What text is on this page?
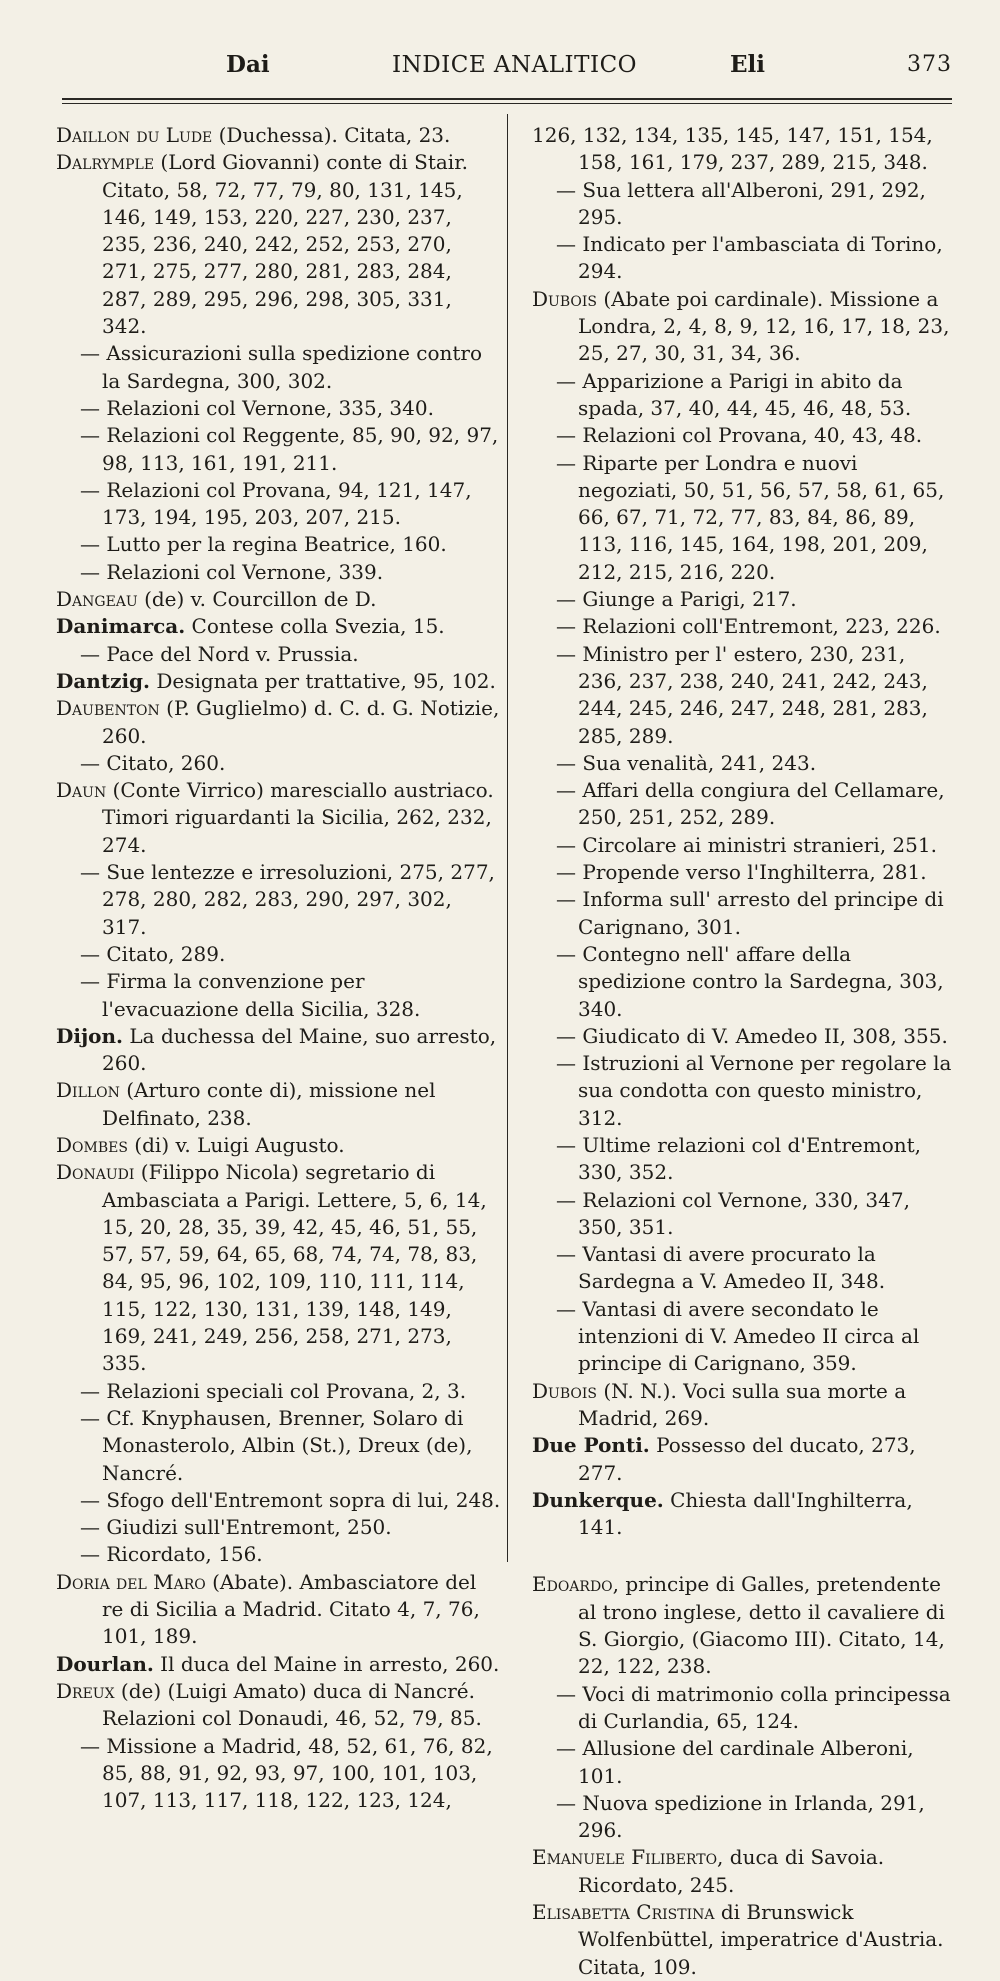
Dai	INDICE ANALITICO	Eli	373

Daillon du Lude (Duchessa). Citata, 23.

Dalrymple (Lord Giovanni) conte di Stair. Citato, 58, 72, 77, 79, 80, 131, 145, 146, 149, 153, 220, 227, 230, 237, 235, 236, 240, 242, 252, 253, 270, 271, 275, 277, 280, 281, 283, 284, 287, 289, 295, 296, 298, 305, 331, 342.

— Assicurazioni sulla spedizione contro la Sardegna, 300, 302.

— Relazioni col Vernone, 335, 340.

— Relazioni col Reggente, 85, 90, 92, 97, 98, 113, 161, 191, 211.

— Relazioni col Provana, 94, 121, 147, 173, 194, 195, 203, 207, 215.

— Lutto per la regina Beatrice, 160.

— Relazioni col Vernone, 339.

Dangeau (de) v. Courcillon de D.

Danimarca. Contese colla Svezia, 15.

— Pace del Nord v. Prussia.

Dantzig. Designata per trattative, 95, 102.

Daubenton (P. Guglielmo) d. C. d. G. Notizie, 260.

— Citato, 260.

Daun (Conte Virrico) maresciallo austriaco. Timori riguardanti la Sicilia, 262, 232, 274.

— Sue lentezze e irresoluzioni, 275, 277, 278, 280, 282, 283, 290, 297, 302, 317.

— Citato, 289.

— Firma la convenzione per l'evacuazione della Sicilia, 328.

Dijon. La duchessa del Maine, suo arresto, 260.

Dillon (Arturo conte di), missione nel Delfinato, 238.

Dombes (di) v. Luigi Augusto.

Donaudi (Filippo Nicola) segretario di Ambasciata a Parigi. Lettere, 5, 6, 14, 15, 20, 28, 35, 39, 42, 45, 46, 51, 55, 57, 57, 59, 64, 65, 68, 74, 74, 78, 83, 84, 95, 96, 102, 109, 110, 111, 114, 115, 122, 130, 131, 139, 148, 149, 169, 241, 249, 256, 258, 271, 273, 335.

— Relazioni speciali col Provana, 2, 3.

— Cf. Knyphausen, Brenner, Solaro di Monasterolo, Albin (St.), Dreux (de), Nancré.

— Sfogo dell'Entremont sopra di lui, 248.

— Giudizi sull'Entremont, 250.

— Ricordato, 156.

Doria del Maro (Abate). Ambasciatore del re di Sicilia a Madrid. Citato 4, 7, 76, 101, 189.

Dourlan. Il duca del Maine in arresto, 260.

Dreux (de) (Luigi Amato) duca di Nancré. Relazioni col Donaudi, 46, 52, 79, 85.

— Missione a Madrid, 48, 52, 61, 76, 82, 85, 88, 91, 92, 93, 97, 100, 101, 103, 107, 113, 117, 118, 122, 123, 124,

126, 132, 134, 135, 145, 147, 151, 154, 158, 161, 179, 237, 289, 215, 348.

— Sua lettera all'Alberoni, 291, 292, 295.

— Indicato per l'ambasciata di Torino, 294.

Dubois (Abate poi cardinale). Missione a Londra, 2, 4, 8, 9, 12, 16, 17, 18, 23, 25, 27, 30, 31, 34, 36.

— Apparizione a Parigi in abito da spada, 37, 40, 44, 45, 46, 48, 53.

— Relazioni col Provana, 40, 43, 48.

— Riparte per Londra e nuovi negoziati, 50, 51, 56, 57, 58, 61, 65, 66, 67, 71, 72, 77, 83, 84, 86, 89, 113, 116, 145, 164, 198, 201, 209, 212, 215, 216, 220.

— Giunge a Parigi, 217.

— Relazioni coll'Entremont, 223, 226.

— Ministro per l' estero, 230, 231, 236, 237, 238, 240, 241, 242, 243, 244, 245, 246, 247, 248, 281, 283, 285, 289.

— Sua venalità, 241, 243.

— Affari della congiura del Cellamare, 250, 251, 252, 289.

— Circolare ai ministri stranieri, 251.

— Propende verso l'Inghilterra, 281.

— Informa sull' arresto del principe di Carignano, 301.

— Contegno nell' affare della spedizione contro la Sardegna, 303, 340.

— Giudicato di V. Amedeo II, 308, 355.

— Istruzioni al Vernone per regolare la sua condotta con questo ministro, 312.

— Ultime relazioni col d'Entremont, 330, 352.

— Relazioni col Vernone, 330, 347, 350, 351.

— Vantasi di avere procurato la Sardegna a V. Amedeo II, 348.

— Vantasi di avere secondato le intenzioni di V. Amedeo II circa al principe di Carignano, 359.

Dubois (N. N.). Voci sulla sua morte a Madrid, 269.

Due Ponti. Possesso del ducato, 273, 277.

Dunkerque. Chiesta dall'Inghilterra, 141.

Edoardo, principe di Galles, pretendente al trono inglese, detto il cavaliere di S. Giorgio, (Giacomo III). Citato, 14, 22, 122, 238.

— Voci di matrimonio colla principessa di Curlandia, 65, 124.

— Allusione del cardinale Alberoni, 101.

— Nuova spedizione in Irlanda, 291, 296.

Emanuele Filiberto, duca di Savoia. Ricordato, 245.

Elisabetta Cristina di Brunswick Wolfenbüttel, imperatrice d'Austria. Citata, 109.
